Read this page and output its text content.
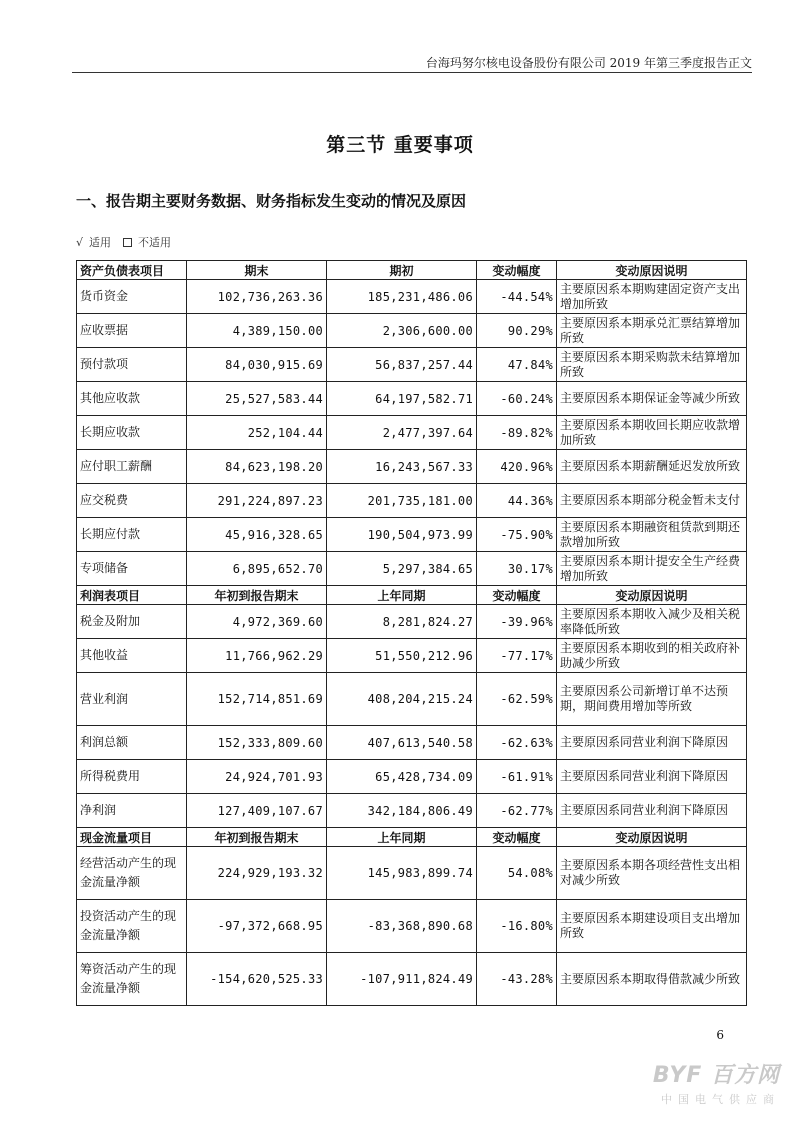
台海玛努尔核电设备股份有限公司 2019 年第三季度报告正文
第三节 重要事项
一、报告期主要财务数据、财务指标发生变动的情况及原因
√ 适用 不适用
资产负债表项目	期末	期初	变动幅度	变动原因说明
货币资金	102,736,263.36	185,231,486.06	-44.54%	主要原因系本期购建固定资产支出增加所致
应收票据	4,389,150.00	2,306,600.00	90.29%	主要原因系本期承兑汇票结算增加所致
预付款项	84,030,915.69	56,837,257.44	47.84%	主要原因系本期采购款未结算增加所致
其他应收款	25,527,583.44	64,197,582.71	-60.24%	主要原因系本期保证金等减少所致
长期应收款	252,104.44	2,477,397.64	-89.82%	主要原因系本期收回长期应收款增加所致
应付职工薪酬	84,623,198.20	16,243,567.33	420.96%	主要原因系本期薪酬延迟发放所致
应交税费	291,224,897.23	201,735,181.00	44.36%	主要原因系本期部分税金暂未支付
长期应付款	45,916,328.65	190,504,973.99	-75.90%	主要原因系本期融资租赁款到期还款增加所致
专项储备	6,895,652.70	5,297,384.65	30.17%	主要原因系本期计提安全生产经费增加所致
利润表项目	年初到报告期末	上年同期	变动幅度	变动原因说明
税金及附加	4,972,369.60	8,281,824.27	-39.96%	主要原因系本期收入减少及相关税率降低所致
其他收益	11,766,962.29	51,550,212.96	-77.17%	主要原因系本期收到的相关政府补助减少所致
营业利润	152,714,851.69	408,204,215.24	-62.59%	主要原因系公司新增订单不达预期，期间费用增加等所致
利润总额	152,333,809.60	407,613,540.58	-62.63%	主要原因系同营业利润下降原因
所得税费用	24,924,701.93	65,428,734.09	-61.91%	主要原因系同营业利润下降原因
净利润	127,409,107.67	342,184,806.49	-62.77%	主要原因系同营业利润下降原因
现金流量项目	年初到报告期末	上年同期	变动幅度	变动原因说明
经营活动产生的现金流量净额	224,929,193.32	145,983,899.74	54.08%	主要原因系本期各项经营性支出相对减少所致
投资活动产生的现金流量净额	-97,372,668.95	-83,368,890.68	-16.80%	主要原因系本期建设项目支出增加所致
筹资活动产生的现金流量净额	-154,620,525.33	-107,911,824.49	-43.28%	主要原因系本期取得借款减少所致
6
BYF 百方网
中国电气供应商
